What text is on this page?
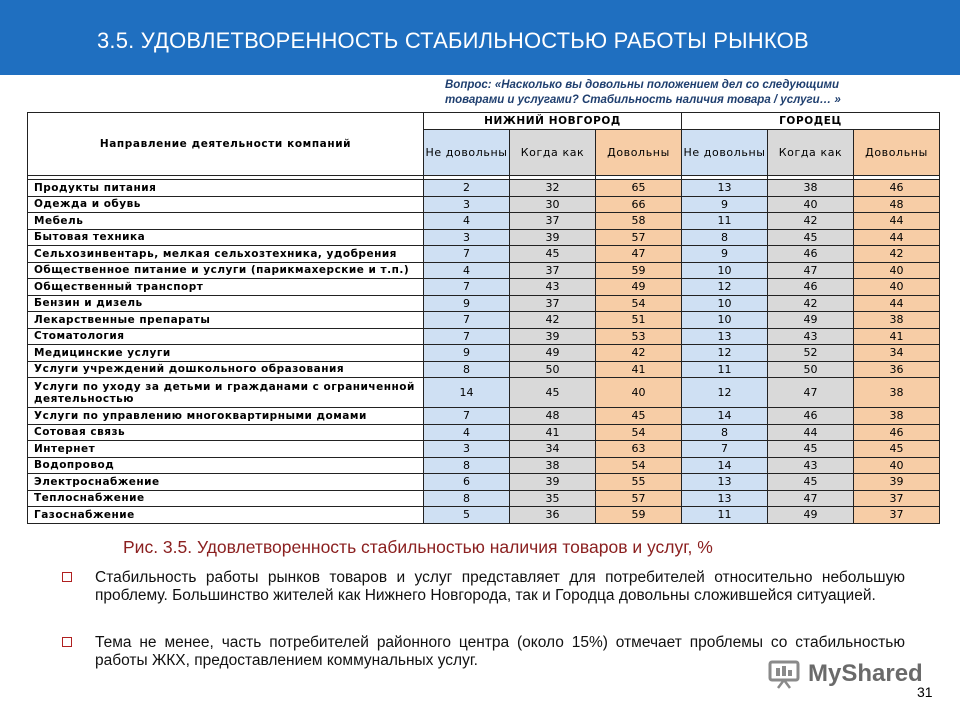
3.5. УДОВЛЕТВОРЕННОСТЬ СТАБИЛЬНОСТЬЮ РАБОТЫ РЫНКОВ
Вопрос: «Насколько вы довольны положением дел со следующими
товарами и услугами? Стабильность наличия товара / услуги… »
Направление деятельности компаний	НИЖНИЙ НОВГОРОД			ГОРОДЕЦ		
	Не довольны	Когда как	Довольны	Не довольны	Когда как	Довольны

Продукты питания	2	32	65	13	38	46
Одежда и обувь	3	30	66	9	40	48
Мебель	4	37	58	11	42	44
Бытовая техника	3	39	57	8	45	44
Сельхозинвентарь, мелкая сельхозтехника, удобрения	7	45	47	9	46	42
Общественное питание и услуги (парикмахерские и т.п.)	4	37	59	10	47	40
Общественный транспорт	7	43	49	12	46	40
Бензин и дизель	9	37	54	10	42	44
Лекарственные препараты	7	42	51	10	49	38
Стоматология	7	39	53	13	43	41
Медицинские услуги	9	49	42	12	52	34
Услуги учреждений дошкольного образования	8	50	41	11	50	36
Услуги по уходу за детьми и гражданами с ограниченной деятельностью	14	45	40	12	47	38
Услуги по управлению многоквартирными домами	7	48	45	14	46	38
Сотовая связь	4	41	54	8	44	46
Интернет	3	34	63	7	45	45
Водопровод	8	38	54	14	43	40
Электроснабжение	6	39	55	13	45	39
Теплоснабжение	8	35	57	13	47	37
Газоснабжение	5	36	59	11	49	37
Рис. 3.5. Удовлетворенность стабильностью наличия товаров и услуг, %
Стабильность работы рынков товаров и услуг представляет для потребителей относительно небольшую проблему. Большинство жителей как Нижнего Новгорода, так и Городца довольны сложившейся ситуацией.
Тема не менее, часть потребителей районного центра (около 15%) отмечает проблемы со стабильностью работы ЖКХ, предоставлением коммунальных услуг.	MyShared
31
